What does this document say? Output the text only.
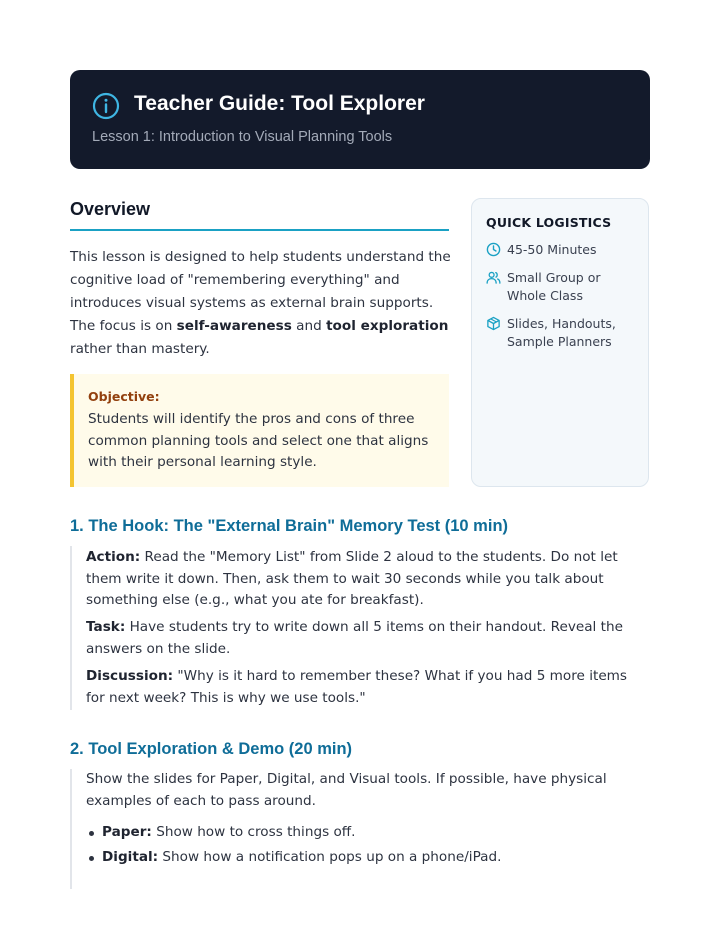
Teacher Guide: Tool Explorer
Lesson 1: Introduction to Visual Planning Tools
Overview
This lesson is designed to help students understand the cognitive load of "remembering everything" and introduces visual systems as external brain supports. The focus is on self-awareness and tool exploration rather than mastery.
Objective:
Students will identify the pros and cons of three common planning tools and select one that aligns with their personal learning style.
QUICK LOGISTICS
45-50 Minutes
Small Group or Whole Class
Slides, Handouts, Sample Planners
1. The Hook: The "External Brain" Memory Test (10 min)
Action: Read the "Memory List" from Slide 2 aloud to the students. Do not let them write it down. Then, ask them to wait 30 seconds while you talk about something else (e.g., what you ate for breakfast).
Task: Have students try to write down all 5 items on their handout. Reveal the answers on the slide.
Discussion: "Why is it hard to remember these? What if you had 5 more items for next week? This is why we use tools."
2. Tool Exploration & Demo (20 min)
Show the slides for Paper, Digital, and Visual tools. If possible, have physical examples of each to pass around.
Paper: Show how to cross things off.
Digital: Show how a notification pops up on a phone/iPad.
